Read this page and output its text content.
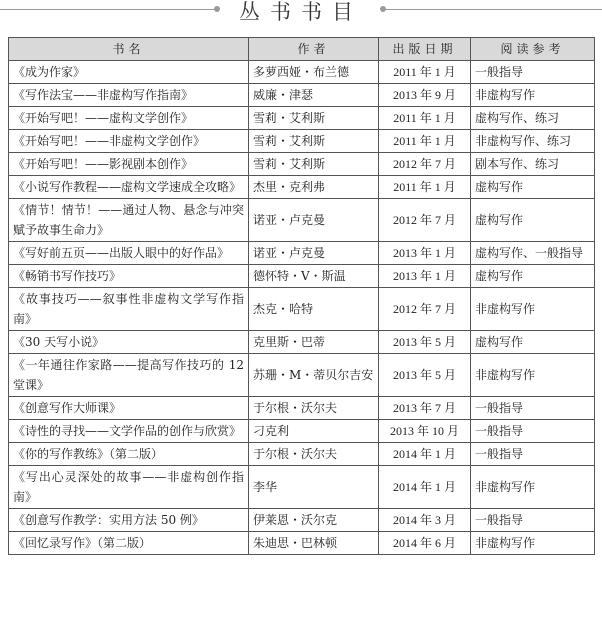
丛书书目
书名	作者	出版日期	阅读参考
《成为作家》	多萝西娅・布兰德	2011 年 1 月	一般指导
《写作法宝——非虚构写作指南》	威廉・津瑟	2013 年 9 月	非虚构写作
《开始写吧！——虚构文学创作》	雪莉・艾利斯	2011 年 1 月	虚构写作、练习
《开始写吧！——非虚构文学创作》	雪莉・艾利斯	2011 年 1 月	非虚构写作、练习
《开始写吧！——影视剧本创作》	雪莉・艾利斯	2012 年 7 月	剧本写作、练习
《小说写作教程——虚构文学速成全攻略》	杰里・克利弗	2011 年 1 月	虚构写作
《情节！情节！——通过人物、悬念与冲突赋予故事生命力》	诺亚・卢克曼	2012 年 7 月	虚构写作
《写好前五页——出版人眼中的好作品》	诺亚・卢克曼	2013 年 1 月	虚构写作、一般指导
《畅销书写作技巧》	德怀特・V・斯温	2013 年 1 月	虚构写作
《故事技巧——叙事性非虚构文学写作指南》	杰克・哈特	2012 年 7 月	非虚构写作
《30 天写小说》	克里斯・巴蒂	2013 年 5 月	虚构写作
《一年通往作家路——提高写作技巧的 12 堂课》	苏珊・M・蒂贝尔吉安	2013 年 5 月	非虚构写作
《创意写作大师课》	于尔根・沃尔夫	2013 年 7 月	一般指导
《诗性的寻找——文学作品的创作与欣赏》	刁克利	2013 年 10 月	一般指导
《你的写作教练》（第二版）	于尔根・沃尔夫	2014 年 1 月	一般指导
《写出心灵深处的故事——非虚构创作指南》	李华	2014 年 1 月	非虚构写作
《创意写作教学：实用方法 50 例》	伊莱恩・沃尔克	2014 年 3 月	一般指导
《回忆录写作》（第二版）	朱迪思・巴林顿	2014 年 6 月	非虚构写作
